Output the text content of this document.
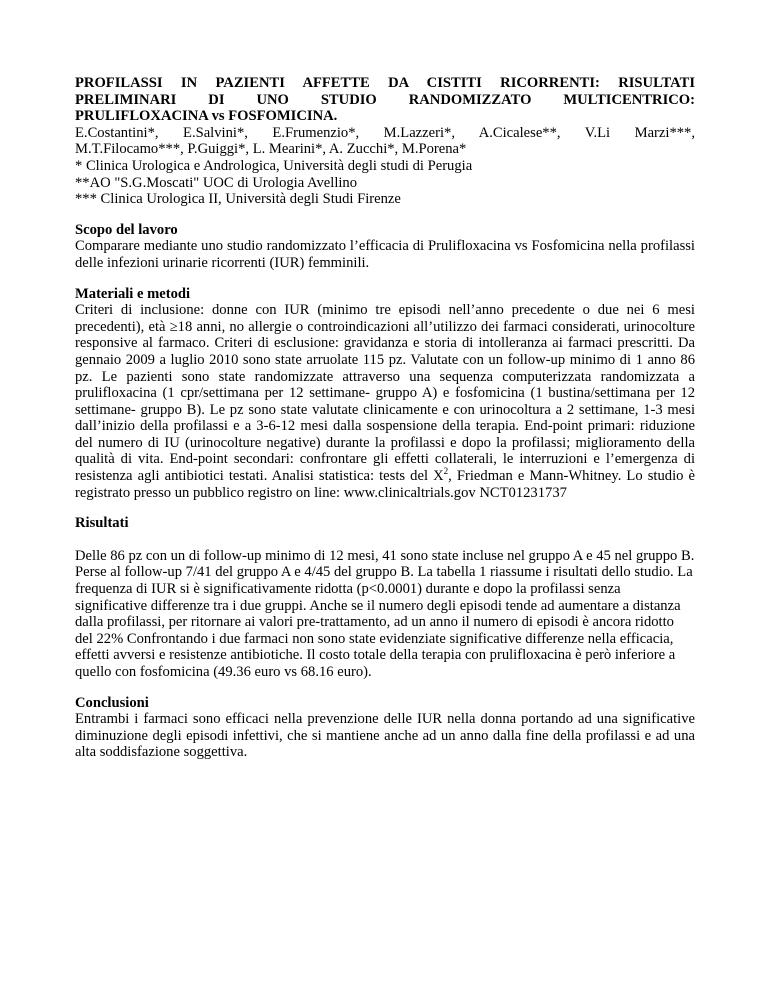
PROFILASSI IN PAZIENTI AFFETTE DA CISTITI RICORRENTI: RISULTATI
PRELIMINARI DI UNO STUDIO RANDOMIZZATO MULTICENTRICO:
PRULIFLOXACINA vs FOSFOMICINA.
E.Costantini*, E.Salvini*, E.Frumenzio*, M.Lazzeri*, A.Cicalese**, V.Li Marzi***,
M.T.Filocamo***, P.Guiggi*, L. Mearini*, A. Zucchi*, M.Porena*
* Clinica Urologica e Andrologica, Università degli studi di Perugia
**AO "S.G.Moscati" UOC di Urologia Avellino
*** Clinica Urologica II, Università degli Studi Firenze

Scopo del lavoro

Comparare mediante uno studio randomizzato l’efficacia di Prulifloxacina vs Fosfomicina nella profilassi delle infezioni urinarie ricorrenti (IUR) femminili.

Materiali e metodi

Criteri di inclusione: donne con IUR (minimo tre episodi nell’anno precedente o due nei 6 mesi precedenti), età ≥18 anni, no allergie o controindicazioni all’utilizzo dei farmaci considerati, urinocolture responsive al farmaco. Criteri di esclusione: gravidanza e storia di intolleranza ai farmaci prescritti. Da gennaio 2009 a luglio 2010 sono state arruolate 115 pz. Valutate con un follow-up minimo di 1 anno 86 pz. Le pazienti sono state randomizzate attraverso una sequenza computerizzata randomizzata a prulifloxacina (1 cpr/settimana per 12 settimane- gruppo A) e fosfomicina (1 bustina/settimana per 12 settimane- gruppo B). Le pz sono state valutate clinicamente e con urinocoltura a 2 settimane, 1-3 mesi dall’inizio della profilassi e a 3-6-12 mesi dalla sospensione della terapia. End-point primari: riduzione del numero di IU (urinocolture negative) durante la profilassi e dopo la profilassi; miglioramento della qualità di vita. End-point secondari: confrontare gli effetti collaterali, le interruzioni e l’emergenza di resistenza agli antibiotici testati. Analisi statistica: tests del $X^2$, Friedman e Mann-Whitney. Lo studio è registrato presso un pubblico registro on line: www.clinicaltrials.gov NCT01231737

Risultati

Delle 86 pz con un di follow-up minimo di 12 mesi, 41 sono state incluse nel gruppo A e 45 nel gruppo B. Perse al follow-up 7/41 del gruppo A e 4/45 del gruppo B. La tabella 1 riassume i risultati dello studio. La frequenza di IUR si è significativamente ridotta (p<0.0001) durante e dopo la profilassi senza significative differenze tra i due gruppi. Anche se il numero degli episodi tende ad aumentare a distanza dalla profilassi, per ritornare ai valori pre-trattamento, ad un anno il numero di episodi è ancora ridotto del 22% Confrontando i due farmaci non sono state evidenziate significative differenze nella efficacia, effetti avversi e resistenze antibiotiche. Il costo totale della terapia con prulifloxacina è però inferiore a quello con fosfomicina (49.36 euro vs 68.16 euro).

Conclusioni

Entrambi i farmaci sono efficaci nella prevenzione delle IUR nella donna portando ad una significative diminuzione degli episodi infettivi, che si mantiene anche ad un anno dalla fine della profilassi e ad una alta soddisfazione soggettiva.
